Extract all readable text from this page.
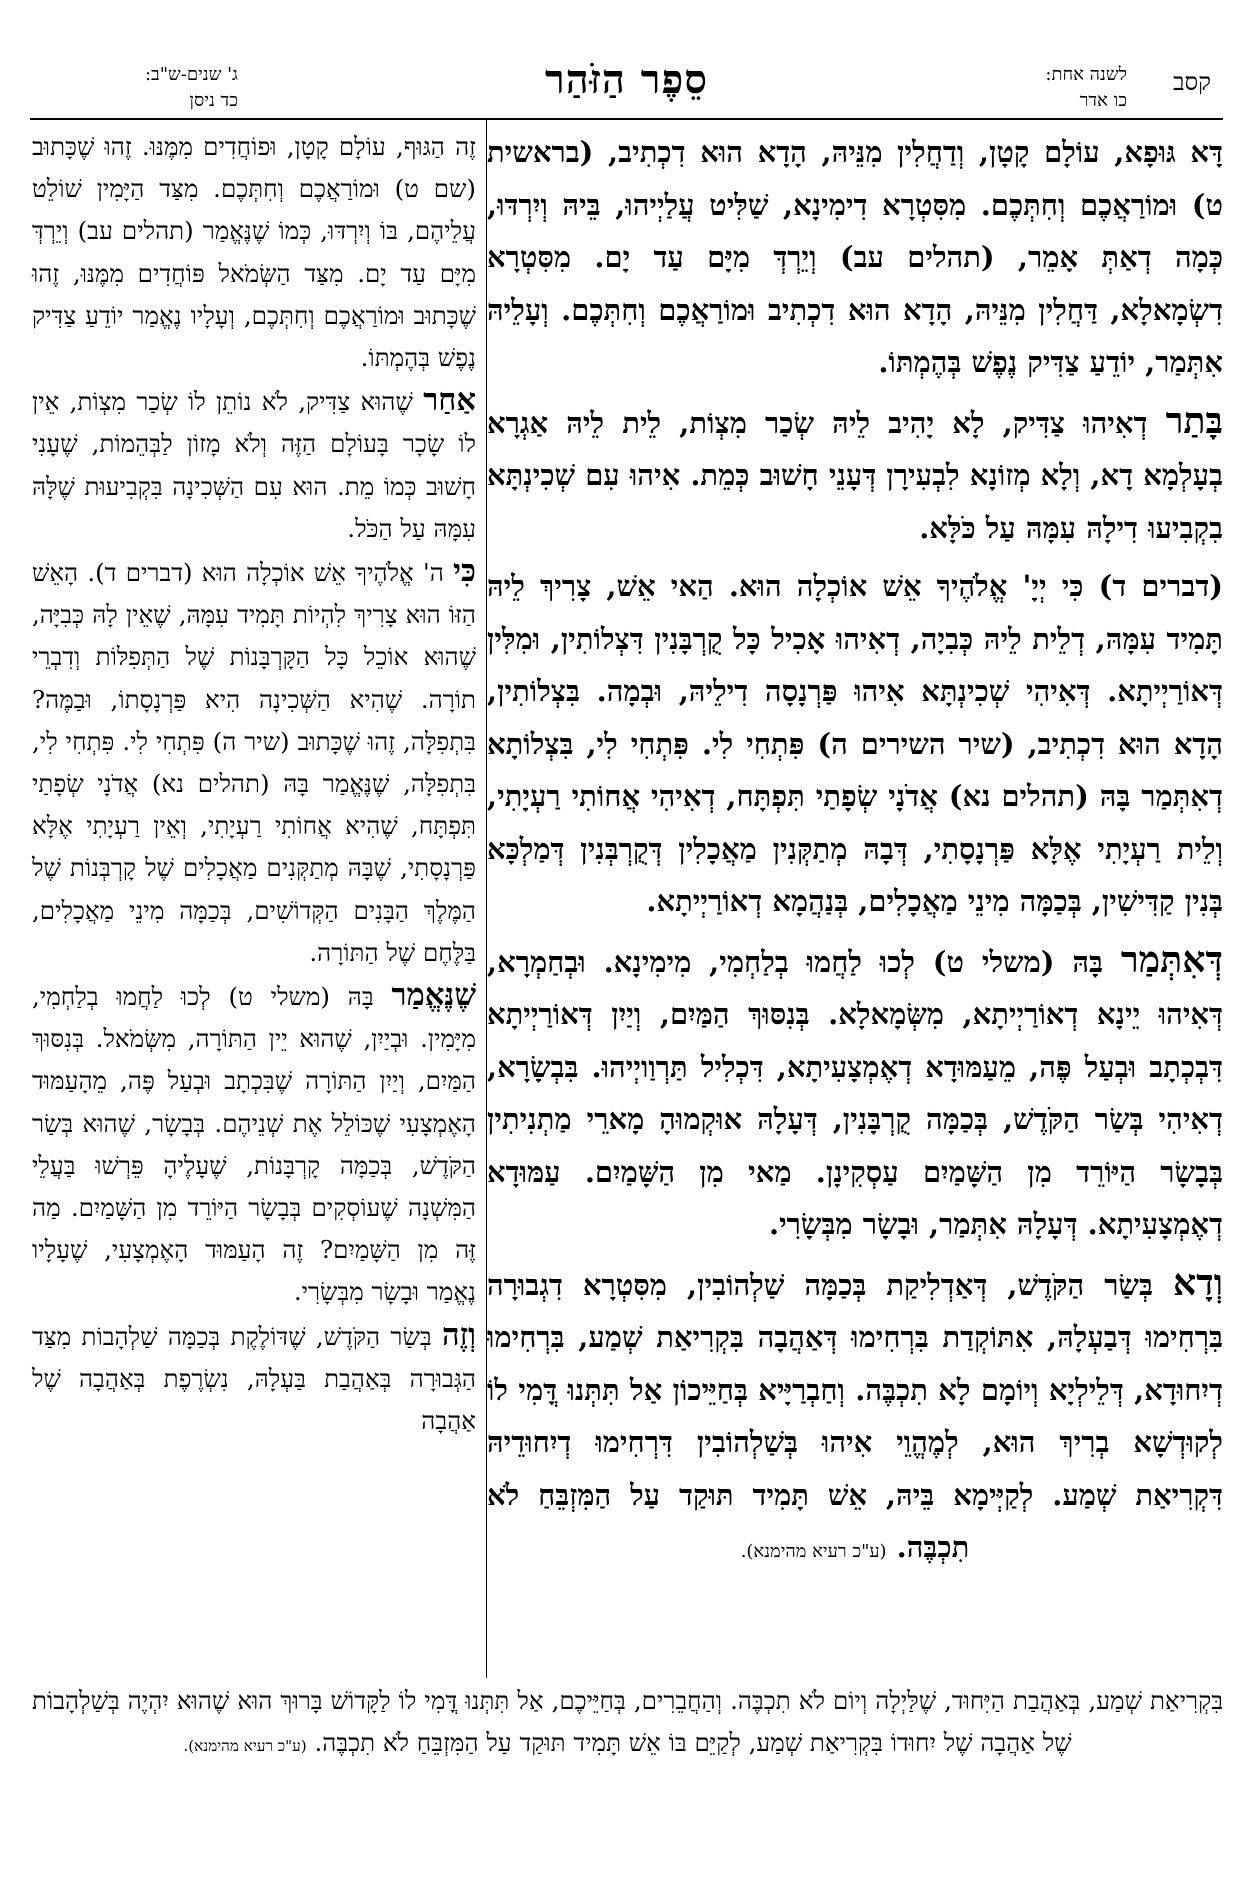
קסב
לשנה אחת:
כו אדר
סֵפֶר הַזֹּהַר
ג' שנים-ש"ב:
כד ניסן

דָּא גּוּפָא, עוֹלָם קָטָן, וְדַחֲלִין מִנֵּיהּ, הָדָא הוּא דִכְתִיב, (בראשית ט) וּמוֹרַאֲכֶם וְחִתְּכֶם. מִסִּטְרָא דִימִינָא, שַׁלִּיט עֲלַיְיהוּ, בֵּיהּ וְיִרְדּוּ, כְּמָה דְאַתְּ אָמֵר, (תהלים עב) וְיֵרְדְּ מִיָּם עַד יָם. מִסִּטְרָא דִשְׂמָאלָא, דַּחֲלִין מִנֵּיהּ, הָדָא הוּא דִכְתִיב וּמוֹרַאֲכֶם וְחִתְּכֶם. וְעָלֵיהּ אִתְּמַר, יוֹדֵעַ צַדִּיק נֶפֶשׁ בְּהֶמְתּוֹ.

בָּתַר דְאִיהוּ צַדִּיק, לָא יָהִיב לֵיהּ שְׂכַר מִצְוֹת, לֵית לֵיהּ אַגְרָא בְעָלְמָא דָא, וְלָא מְזוֹנָא לִבְעִירָן דְּעָנֵי חָשׁוּב כְּמֵת. אִיהוּ עִם שְׁכִינְתָּא בִקְבִיעוּ דִילָהּ עִמָּהּ עַל כֹּלָּא.

(דברים ד) כִּי יְיָ' אֱלֹהֶיךָ אֵשׁ אוֹכְלָה הוּא. הַאי אֵשׁ, צָרִיךְ לֵיהּ תָּמִיד עִמָּהּ, דְלֵית לֵיהּ כְּבִיָה, דְאִיהוּ אָכִיל כָּל קֻרְבָּנִין דִּצְלוֹתִין, וּמִלִּין דְּאוֹרַיְיתָא. דְּאִיהִי שְׁכִינְתָּא אִיהוּ פַּרְנָסָה דִילֵיהּ, וּבְמָה. בִּצְלוֹתִין, הָדָא הוּא דִכְתִיב, (שיר השירים ה) פִּתְחִי לִי. פִּתְחִי לִי, בִּצְלוֹתָא דְאִתְּמַר בָּהּ (תהלים נא) אֲדֹנָי שְׂפָתַי תִּפְתָּח, דְאִיהִי אֲחוֹתִי רַעְיָתִי, וְלֵית רַעְיָתִי אֶלָּא פַּרְנָסָתִי, דְּבָהּ מְתַקְּנִין מַאֲכָלִין דְּקֻרְבְּנִין דְּמַלְכָּא בְּנִין קַדִּישִׁין, בְּכַמָּה מִינֵי מַאֲכָלִים, בְּנַהֲמָא דְאוֹרַיְיתָא.

דְּאִתְּמַר בָּהּ (משלי ט) לְכוּ לַחֲמוּ בְלַחְמִי, מִימִינָא. וּבְחַמְרָא, דְּאִיהוּ יֵינָא דְאוֹרַיְיתָא, מִשְּׂמָאלָא. בְּנִסּוּךְ הַמַּיִם, וְיַיִן דְּאוֹרַיְיתָא דִּבְכְתָב וּבְעַל פֶּה, מֵעַמּוּדָא דְאֶמְצָעִיתָא, דִּכְלִיל תַּרְוַויְיהוּ. בִּבְשָׂרָא, דְאִיהִי בְּשַׂר הַקֹּדֶשׁ, בְּכַמָּה קֻרְבָּנִין, דְּעָלָהּ אוּקְמוּהָ מָארֵי מַתְנִיתִין בְּבָשָׂר הַיּוֹרֵד מִן הַשָּׁמַיִם עַסְקִינָן. מַאי מִן הַשָּׁמַיִם. עַמּוּדָא דְאֶמְצָעִיתָא. דְּעָלָהּ אִתְּמַר, וּבָשָׂר מִבְּשָׂרִי.

וְדָא בְּשַׂר הַקֹּדֶשׁ, דְּאַדְלִיקַת בְּכַמָּה שַׁלְהוֹבִין, מִסִּטְרָא דִגְבוּרָה בִּרְחִימוּ דְּבַעְלָהּ, אִתּוֹקְדַת בִּרְחִימוּ דְּאַהֲבָה בִּקְרִיאַת שְׁמַע, בִּרְחִימוּ דְיִחוּדָא, דְּלֵילְיָא וְיוֹמָם לָא תִכְבֶּה. וְחַבְרַיָּיא בְּחַיֵּיכוֹן אַל תִּתְּנוּ דֳּמִי לוֹ לְקוּדְשָׁא בְרִיךְ הוּא, לְמֶהֱוֵי אִיהוּ בְּשַׁלְהוֹבִין דִּרְחִימוּ דְיִחוּדֵיהּ דִּקְרִיאַת שְׁמַע. לְקַיְּימָא בֵּיהּ, אֵשׁ תָּמִיד תּוּקַד עַל הַמִּזְבֵּחַ לֹא תִכְבֶּה. (ע"כ רעיא מהימנא).

זֶה הַגּוּף, עוֹלָם קָטָן, וּפוֹחֲדִים מִמֶּנּוּ. זֶהוּ שֶׁכָּתוּב (שם ט) וּמוֹרַאֲכֶם וְחִתְּכֶם. מִצַּד הַיָּמִין שׁוֹלֵט עֲלֵיהֶם, בּוֹ וְיִרְדּוּ, כְּמוֹ שֶׁנֶּאֱמַר (תהלים עב) וְיֵרְדְּ מִיָּם עַד יָם. מִצַּד הַשְּׂמֹאל פּוֹחֲדִים מִמֶּנּוּ, זֶהוּ שֶׁכָּתוּב וּמוֹרַאֲכֶם וְחִתְּכֶם, וְעָלָיו נֶאֱמַר יוֹדֵעַ צַדִּיק נֶפֶשׁ בְּהֶמְתּוֹ.

אַחַר שֶׁהוּא צַדִּיק, לֹא נוֹתֵן לוֹ שְׂכַר מִצְוֹת, אֵין לוֹ שָׂכָר בָּעוֹלָם הַזֶּה וְלֹא מָזוֹן לַבְּהֵמוֹת, שֶׁעָנִי חָשׁוּב כְּמוֹ מֵת. הוּא עִם הַשְּׁכִינָה בִּקְבִיעוּת שֶׁלָּהּ עִמָּהּ עַל הַכֹּל.

כִּי ה' אֱלֹהֶיךָ אֵשׁ אוֹכְלָה הוּא (דברים ד). הָאֵשׁ הַזּוֹ הוּא צָרִיךְ לִהְיוֹת תָּמִיד עִמָּהּ, שֶׁאֵין לָהּ כְּבִיָּה, שֶׁהוּא אוֹכֵל כָּל הַקָּרְבָּנוֹת שֶׁל הַתְּפִלּוֹת וְדִבְרֵי תוֹרָה. שֶׁהִיא הַשְּׁכִינָה הִיא פַּרְנָסָתוֹ, וּבַמֶּה? בִּתְפִלָּה, זֶהוּ שֶׁכָּתוּב (שיר ה) פִּתְחִי לִי. פִּתְחִי לִי, בִּתְפִלָּה, שֶׁנֶּאֱמַר בָּהּ (תהלים נא) אֲדֹנָי שְׂפָתַי תִּפְתָּח, שֶׁהִיא אֲחוֹתִי רַעְיָתִי, וְאֵין רַעְיָתִי אֶלָּא פַּרְנָסָתִי, שֶׁבָּהּ מְתַקְּנִים מַאֲכָלִים שֶׁל קָרְבְּנוֹת שֶׁל הַמֶּלֶךְ הַבָּנִים הַקְּדוֹשִׁים, בְּכַמָּה מִינֵי מַאֲכָלִים, בַּלֶּחֶם שֶׁל הַתּוֹרָה.

שֶׁנֶּאֱמַר בָּהּ (משלי ט) לְכוּ לַחֲמוּ בְלַחְמִי, מִיָּמִין. וּבְיַיִן, שֶׁהוּא יֵין הַתּוֹרָה, מִשְּׂמֹאל. בְּנִסּוּךְ הַמַּיִם, וְיַיִן הַתּוֹרָה שֶׁבִּכְתָב וּבְעַל פֶּה, מֵהָעַמּוּד הָאֶמְצָעִי שֶׁכּוֹלֵל אֶת שְׁנֵיהֶם. בְּבָשָׂר, שֶׁהוּא בְּשַׂר הַקֹּדֶשׁ, בְּכַמָּה קָרְבָּנוֹת, שֶׁעָלֶיהָ פֵּרְשׁוּ בַּעֲלֵי הַמִּשְׁנָה שֶׁעוֹסְקִים בְּבָשָׂר הַיּוֹרֵד מִן הַשָּׁמַיִם. מַה זֶּה מִן הַשָּׁמַיִם? זֶה הָעַמּוּד הָאֶמְצָעִי, שֶׁעָלָיו נֶאֱמַר וּבָשָׂר מִבְּשָׂרִי.

וְזֶה בְּשַׂר הַקֹּדֶשׁ, שֶׁדּוֹלֶקֶת בְּכַמָּה שַׁלְהָבוֹת מִצַּד הַגְּבוּרָה בְּאַהֲבַת בַּעְלָהּ, נִשְׂרֶפֶת בְּאַהֲבָה שֶׁל אַהֲבָה

בִּקְרִיאַת שְׁמַע, בְּאַהֲבַת הַיִּחוּד, שֶׁלַּיְלָה וְיוֹם לֹא תִכְבֶּה. וְהַחֲבֵרִים, בְּחַיֵּיכֶם, אַל תִּתְּנוּ דֳּמִי לוֹ לַקָּדוֹשׁ בָּרוּךְ הוּא שֶׁהוּא יִהְיֶה בְּשַׁלְהָבוֹת שֶׁל אַהֲבָה שֶׁל יִחוּדוֹ בִּקְרִיאַת שְׁמַע, לְקַיֵּם בּוֹ אֵשׁ תָּמִיד תּוּקַד עַל הַמִּזְבֵּחַ לֹא תִכְבֶּה. (ע"כ רעיא מהימנא).
